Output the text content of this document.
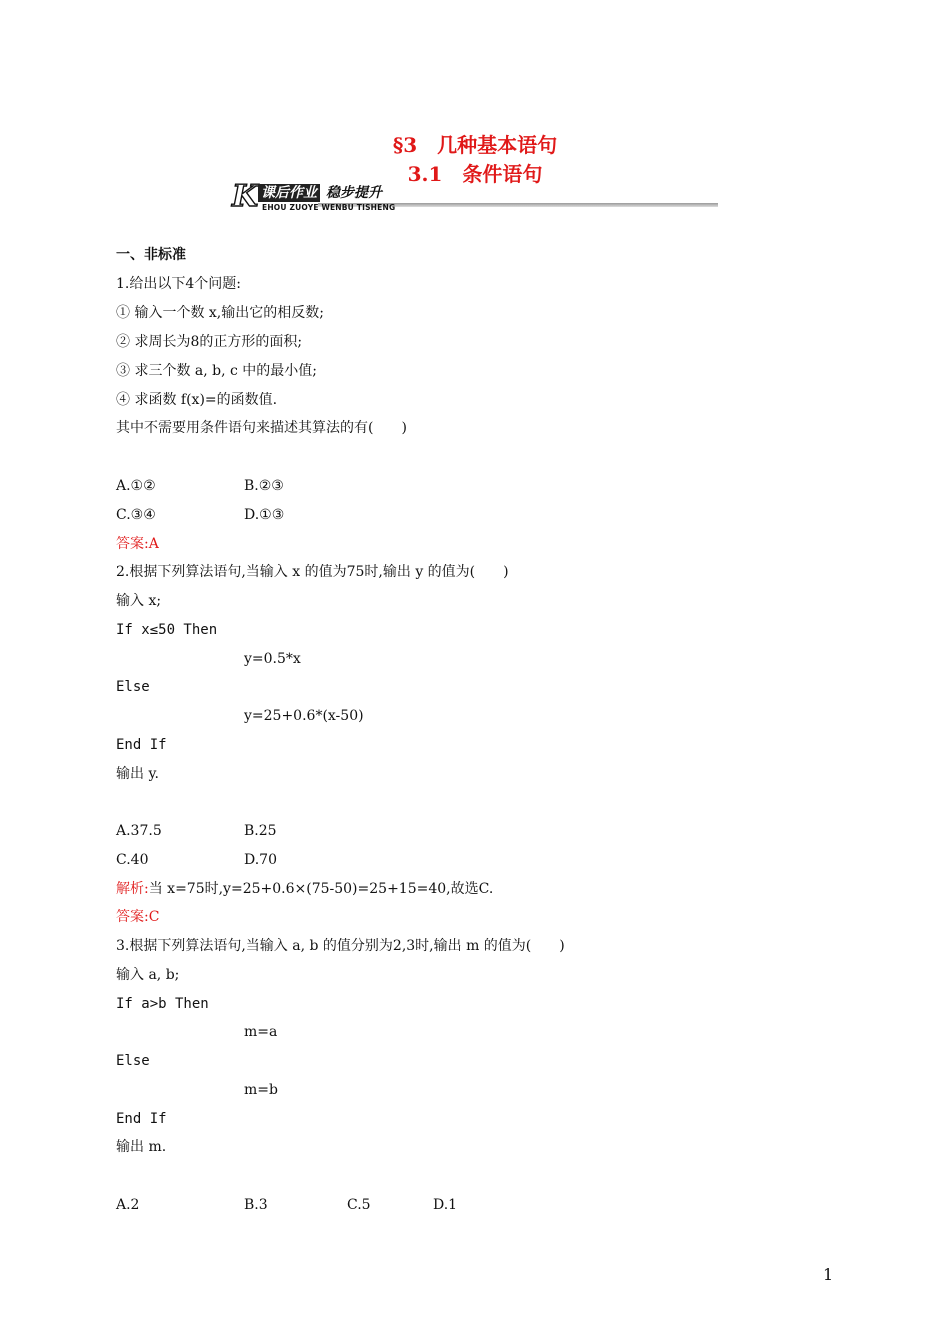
§3　几种基本语句
3.1　条件语句
K 课后作业 稳步提升
EHOU ZUOYE WENBU TISHENG
一、非标准
1.给出以下4个问题:
① 输入一个数 x,输出它的相反数;
② 求周长为8的正方形的面积;
③ 求三个数 a, b, c 中的最小值;
④ 求函数 f(x)=的函数值.
其中不需要用条件语句来描述其算法的有(　　)
A.①②	B.②③
C.③④	D.①③
答案:A
2.根据下列算法语句,当输入 x 的值为75时,输出 y 的值为(　　)
输入 x;
If x≤50 Then
y=0.5*x
Else
y=25+0.6*(x-50)
End If
输出 y.
A.37.5	B.25
C.40	D.70
解析:当 x=75时,y=25+0.6×(75-50)=25+15=40,故选C.
答案:C
3.根据下列算法语句,当输入 a, b 的值分别为2,3时,输出 m 的值为(　　)
输入 a, b;
If a>b Then
m=a
Else
m=b
End If
输出 m.
A.2	B.3	C.5	D.1
1
